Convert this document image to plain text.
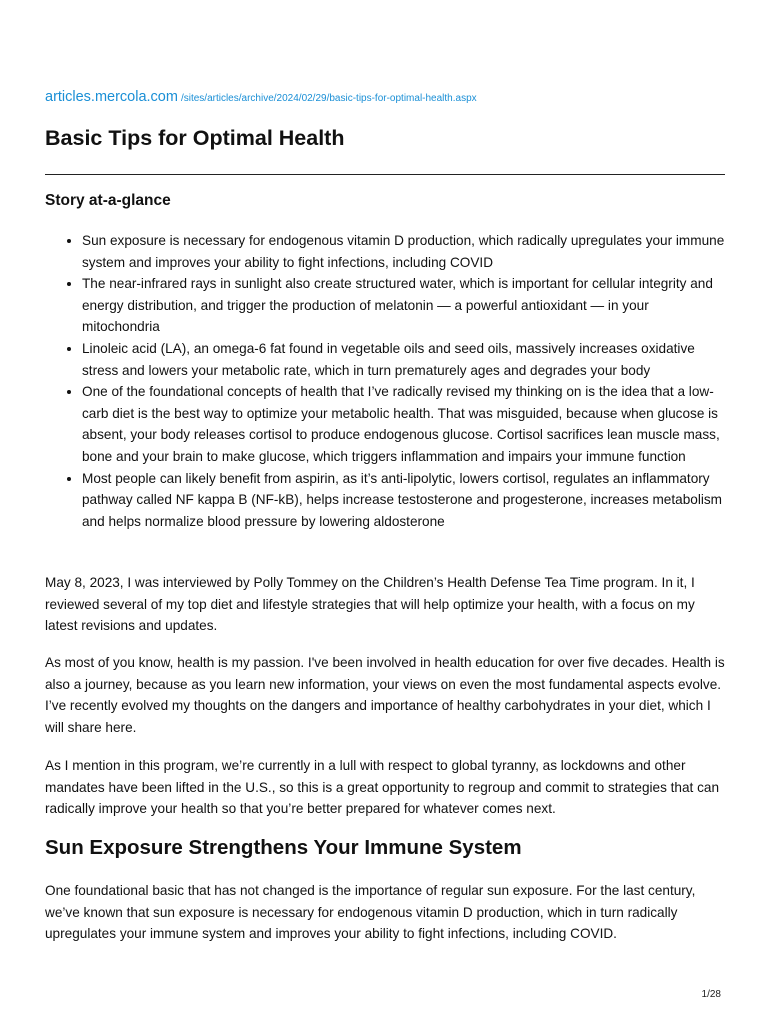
articles.mercola.com /sites/articles/archive/2024/02/29/basic-tips-for-optimal-health.aspx
Basic Tips for Optimal Health
Story at-a-glance
• Sun exposure is necessary for endogenous vitamin D production, which radically upregulates your immune system and improves your ability to fight infections, including COVID
• The near-infrared rays in sunlight also create structured water, which is important for cellular integrity and energy distribution, and trigger the production of melatonin — a powerful antioxidant — in your mitochondria
• Linoleic acid (LA), an omega-6 fat found in vegetable oils and seed oils, massively increases oxidative stress and lowers your metabolic rate, which in turn prematurely ages and degrades your body
• One of the foundational concepts of health that I’ve radically revised my thinking on is the idea that a low-carb diet is the best way to optimize your metabolic health. That was misguided, because when glucose is absent, your body releases cortisol to produce endogenous glucose. Cortisol sacrifices lean muscle mass, bone and your brain to make glucose, which triggers inflammation and impairs your immune function
• Most people can likely benefit from aspirin, as it’s anti-lipolytic, lowers cortisol, regulates an inflammatory pathway called NF kappa B (NF-kB), helps increase testosterone and progesterone, increases metabolism and helps normalize blood pressure by lowering aldosterone

May 8, 2023, I was interviewed by Polly Tommey on the Children’s Health Defense Tea Time program. In it, I reviewed several of my top diet and lifestyle strategies that will help optimize your health, with a focus on my latest revisions and updates.

As most of you know, health is my passion. I've been involved in health education for over five decades. Health is also a journey, because as you learn new information, your views on even the most fundamental aspects evolve. I’ve recently evolved my thoughts on the dangers and importance of healthy carbohydrates in your diet, which I will share here.

As I mention in this program, we’re currently in a lull with respect to global tyranny, as lockdowns and other mandates have been lifted in the U.S., so this is a great opportunity to regroup and commit to strategies that can radically improve your health so that you’re better prepared for whatever comes next.

Sun Exposure Strengthens Your Immune System

One foundational basic that has not changed is the importance of regular sun exposure. For the last century, we’ve known that sun exposure is necessary for endogenous vitamin D production, which in turn radically upregulates your immune system and improves your ability to fight infections, including COVID.

1/28
